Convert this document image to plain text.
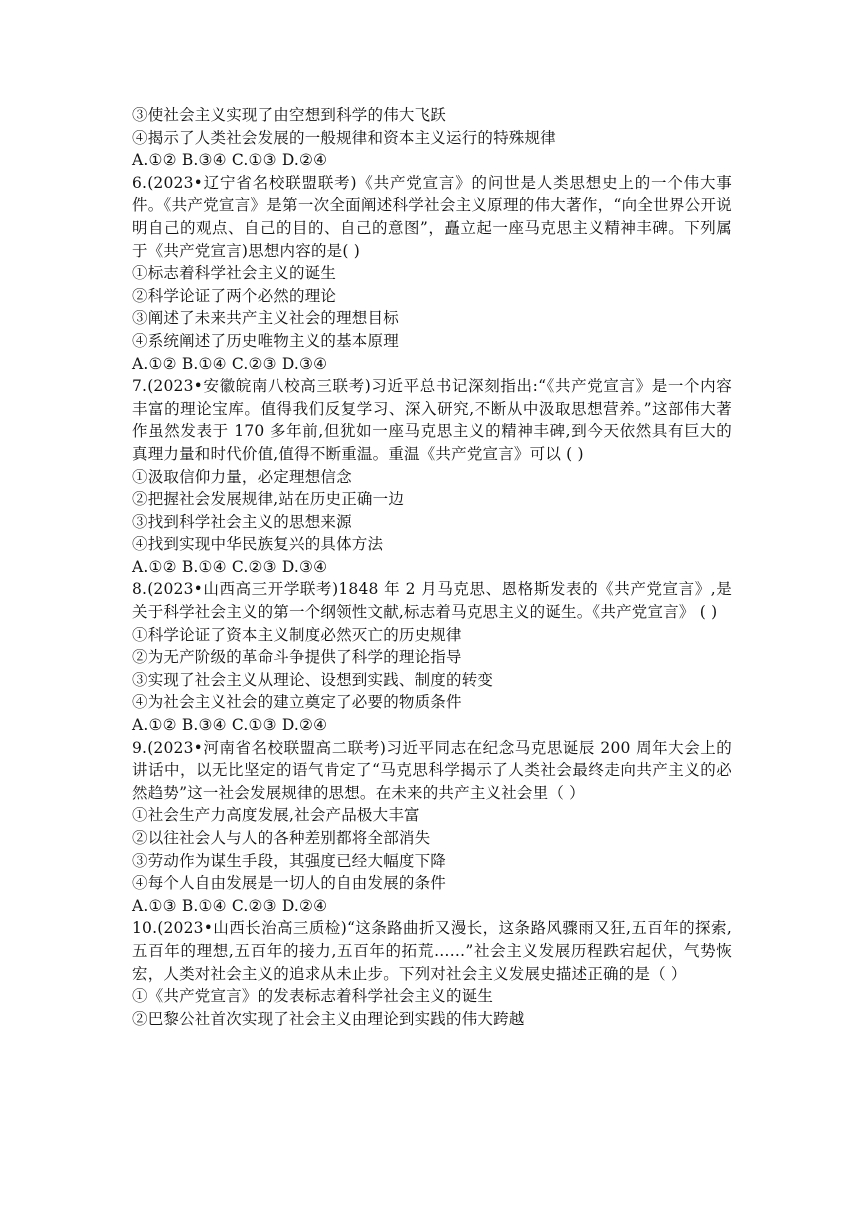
③使社会主义实现了由空想到科学的伟大飞跃
④揭示了人类社会发展的一般规律和资本主义运行的特殊规律
A.①② B.③④ C.①③ D.②④
6.(2023•辽宁省名校联盟联考)《共产党宣言》的问世是人类思想史上的一个伟大事件。《共产党宣言》是第一次全面阐述科学社会主义原理的伟大著作，“向全世界公开说明自己的观点、自己的目的、自己的意图”，矗立起一座马克思主义精神丰碑。下列属于《共产党宣言)思想内容的是( )
①标志着科学社会主义的诞生
②科学论证了两个必然的理论
③阐述了未来共产主义社会的理想目标
④系统阐述了历史唯物主义的基本原理
A.①② B.①④ C.②③ D.③④
7.(2023•安徽皖南八校高三联考)习近平总书记深刻指出:“《共产党宣言》是一个内容丰富的理论宝库。值得我们反复学习、深入研究,不断从中汲取思想营养。”这部伟大著作虽然发表于 170 多年前,但犹如一座马克思主义的精神丰碑,到今天依然具有巨大的真理力量和时代价值,值得不断重温。重温《共产党宣言》可以 ( )
①汲取信仰力量，必定理想信念
②把握社会发展规律,站在历史正确一边
③找到科学社会主义的思想来源
④找到实现中华民族复兴的具体方法
A.①② B.①④ C.②③ D.③④
8.(2023•山西高三开学联考)1848 年 2 月马克思、恩格斯发表的《共产党宣言》,是关于科学社会主义的第一个纲领性文献,标志着马克思主义的诞生。《共产党宣言》 ( )
①科学论证了资本主义制度必然灭亡的历史规律
②为无产阶级的革命斗争提供了科学的理论指导
③实现了社会主义从理论、设想到实践、制度的转变
④为社会主义社会的建立奠定了必要的物质条件
A.①② B.③④ C.①③ D.②④
9.(2023•河南省名校联盟高二联考)习近平同志在纪念马克思诞辰 200 周年大会上的讲话中，以无比坚定的语气肯定了“马克思科学揭示了人类社会最终走向共产主义的必然趋势”这一社会发展规律的思想。在未来的共产主义社会里（ ）
①社会生产力高度发展,社会产品极大丰富
②以往社会人与人的各种差别都将全部消失
③劳动作为谋生手段，其强度已经大幅度下降
④每个人自由发展是一切人的自由发展的条件
A.①③ B.①④ C.②③ D.②④
10.(2023•山西长治高三质检)“这条路曲折又漫长，这条路风骤雨又狂,五百年的探索,五百年的理想,五百年的接力,五百年的拓荒……”社会主义发展历程跌宕起伏，气势恢宏，人类对社会主义的追求从未止步。下列对社会主义发展史描述正确的是（ ）
①《共产党宣言》的发表标志着科学社会主义的诞生
②巴黎公社首次实现了社会主义由理论到实践的伟大跨越
